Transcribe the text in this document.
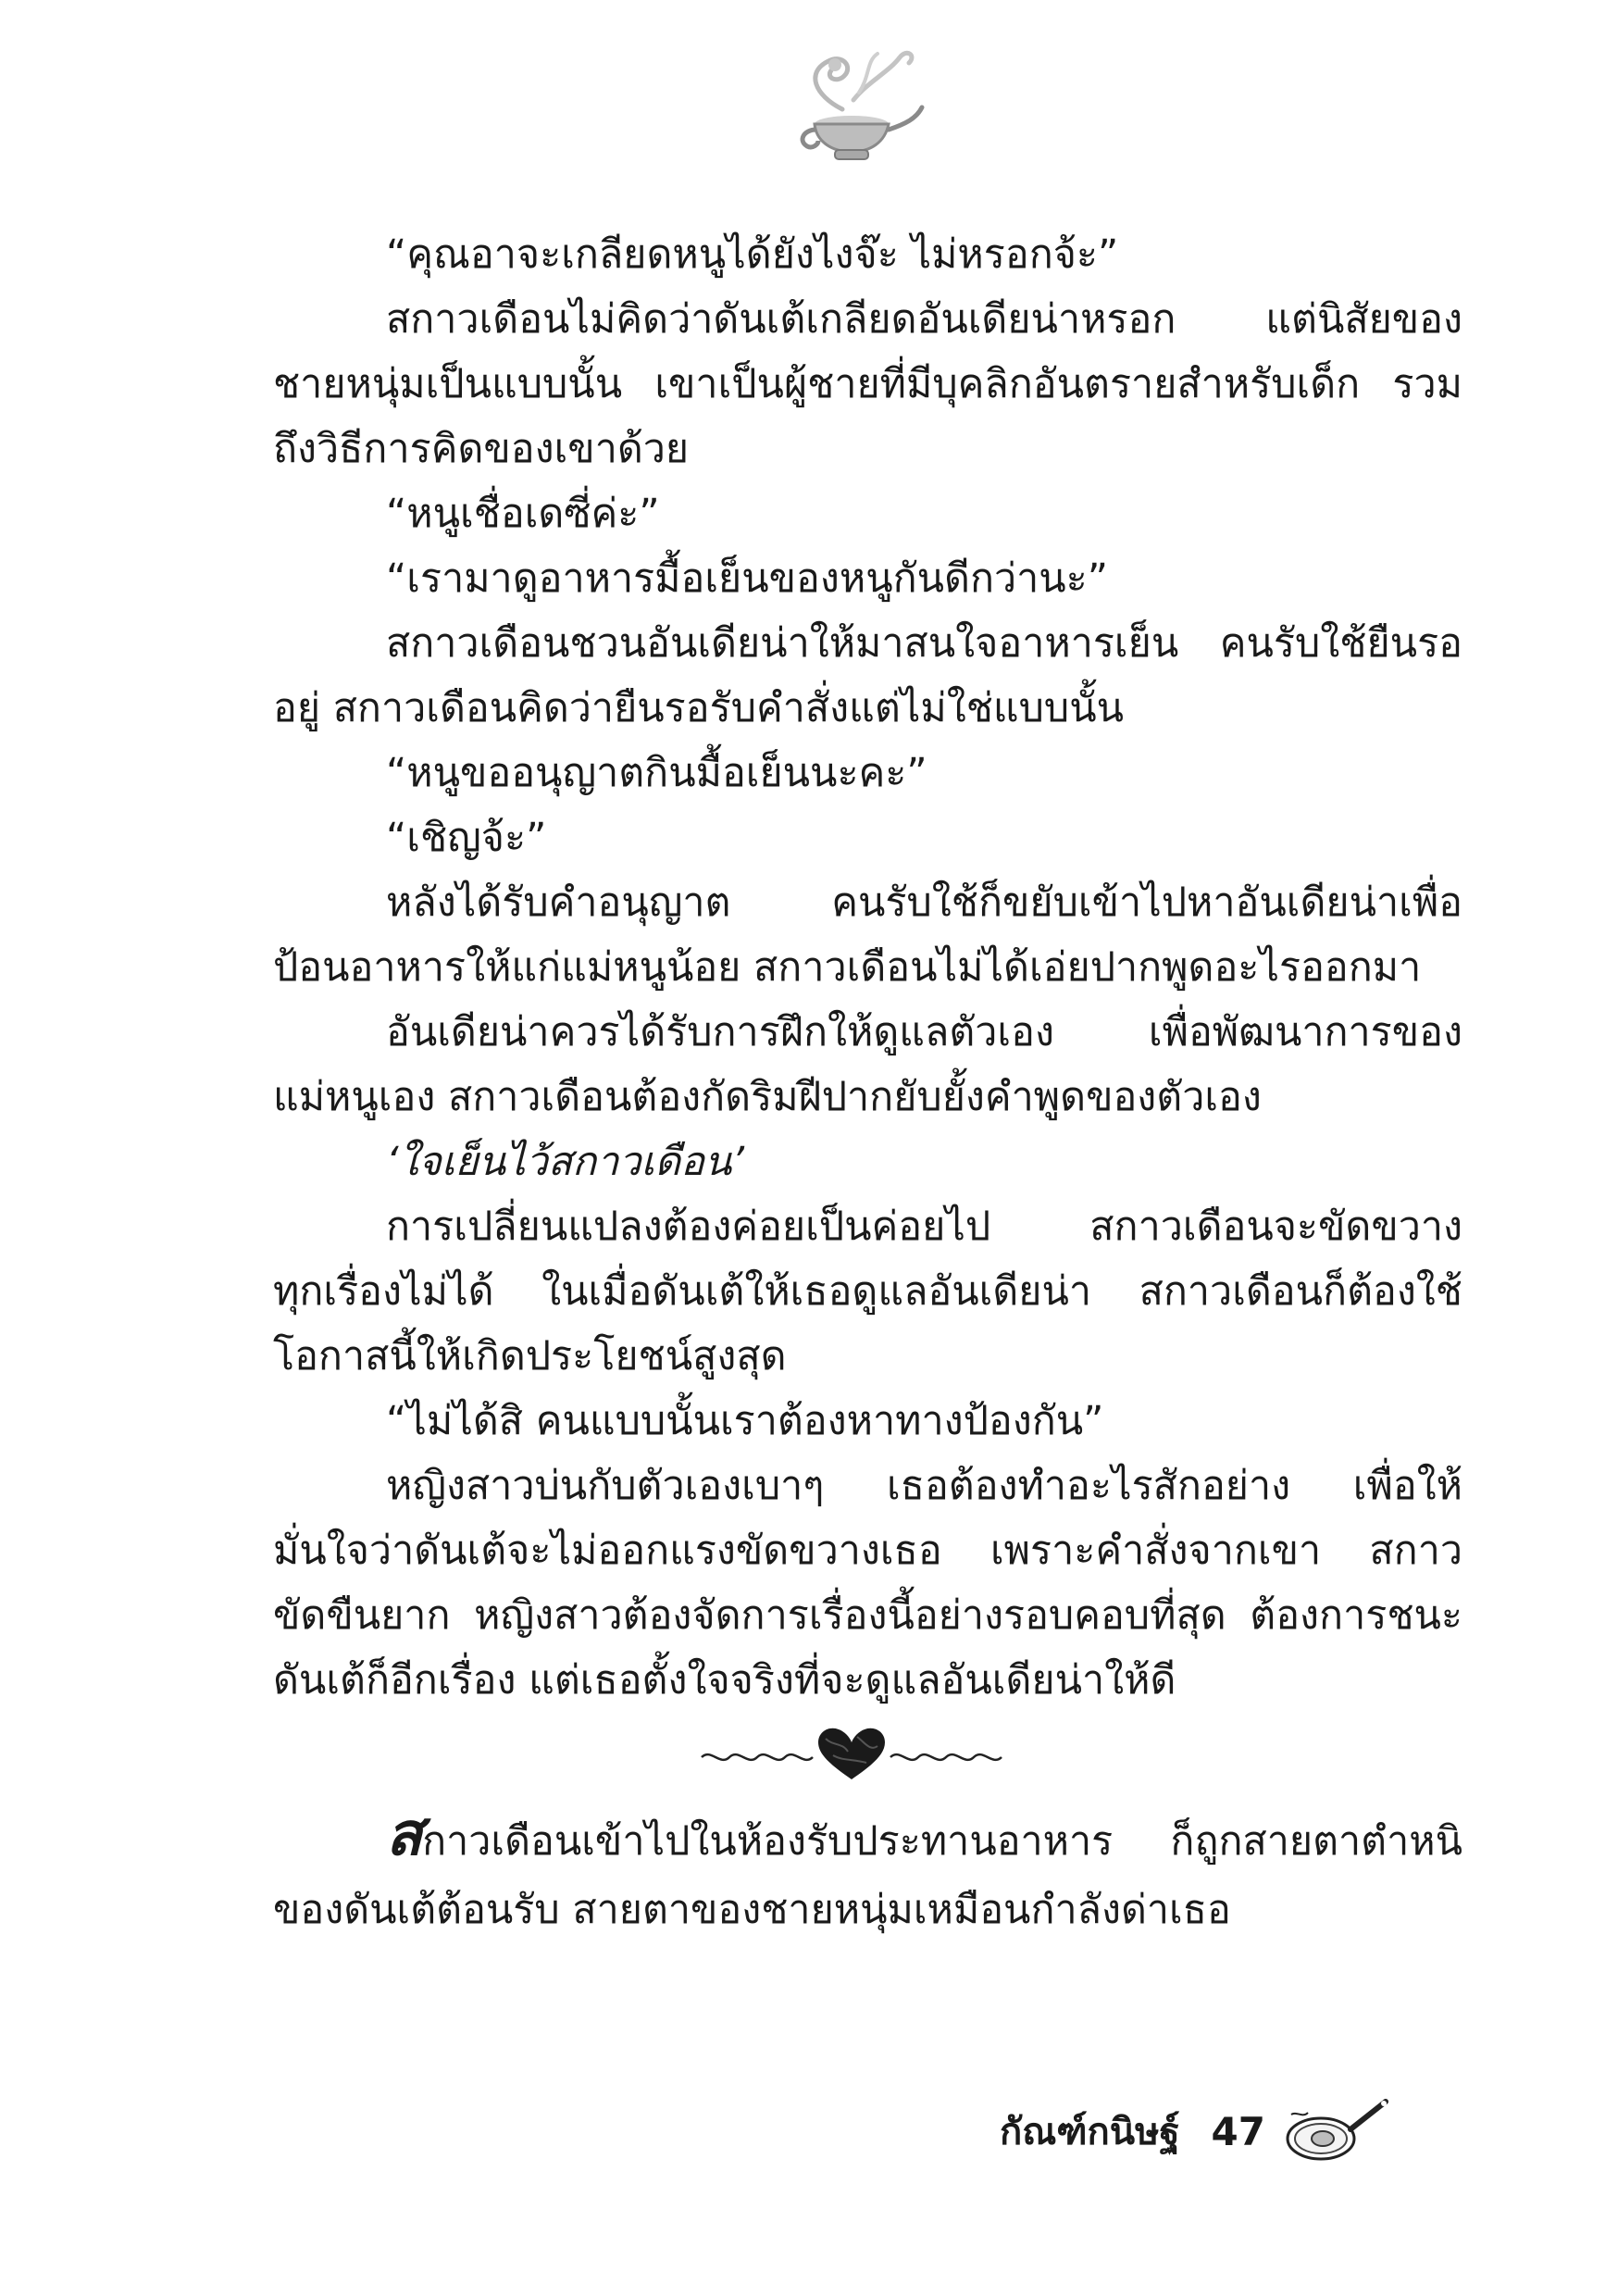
“คุณอาจะเกลียดหนูได้ยังไงจ๊ะ ไม่หรอกจ้ะ”
สกาวเดือนไม่คิดว่าดันเต้เกลียดอันเดียน่าหรอก แต่นิสัยของ
ชายหนุ่มเป็นแบบนั้น เขาเป็นผู้ชายที่มีบุคลิกอันตรายสำหรับเด็ก รวม
ถึงวิธีการคิดของเขาด้วย
“หนูเชื่อเดซี่ค่ะ”
“เรามาดูอาหารมื้อเย็นของหนูกันดีกว่านะ”
สกาวเดือนชวนอันเดียน่าให้มาสนใจอาหารเย็น คนรับใช้ยืนรอ
อยู่ สกาวเดือนคิดว่ายืนรอรับคำสั่งแต่ไม่ใช่แบบนั้น
“หนูขออนุญาตกินมื้อเย็นนะคะ”
“เชิญจ้ะ”
หลังได้รับคำอนุญาต คนรับใช้ก็ขยับเข้าไปหาอันเดียน่าเพื่อ
ป้อนอาหารให้แก่แม่หนูน้อย สกาวเดือนไม่ได้เอ่ยปากพูดอะไรออกมา
อันเดียน่าควรได้รับการฝึกให้ดูแลตัวเอง เพื่อพัฒนาการของ
แม่หนูเอง สกาวเดือนต้องกัดริมฝีปากยับยั้งคำพูดของตัวเอง
‘ใจเย็นไว้สกาวเดือน’
การเปลี่ยนแปลงต้องค่อยเป็นค่อยไป สกาวเดือนจะขัดขวาง
ทุกเรื่องไม่ได้ ในเมื่อดันเต้ให้เธอดูแลอันเดียน่า สกาวเดือนก็ต้องใช้
โอกาสนี้ให้เกิดประโยชน์สูงสุด
“ไม่ได้สิ คนแบบนั้นเราต้องหาทางป้องกัน”
หญิงสาวบ่นกับตัวเองเบาๆ เธอต้องทำอะไรสักอย่าง เพื่อให้
มั่นใจว่าดันเต้จะไม่ออกแรงขัดขวางเธอ เพราะคำสั่งจากเขา สกาว
ขัดขืนยาก หญิงสาวต้องจัดการเรื่องนี้อย่างรอบคอบที่สุด ต้องการชนะ
ดันเต้ก็อีกเรื่อง แต่เธอตั้งใจจริงที่จะดูแลอันเดียน่าให้ดี
สกาวเดือนเข้าไปในห้องรับประทานอาหาร ก็ถูกสายตาตำหนิ
ของดันเต้ต้อนรับ สายตาของชายหนุ่มเหมือนกำลังด่าเธอ
กัณฑ์กนิษฐ์ 47
